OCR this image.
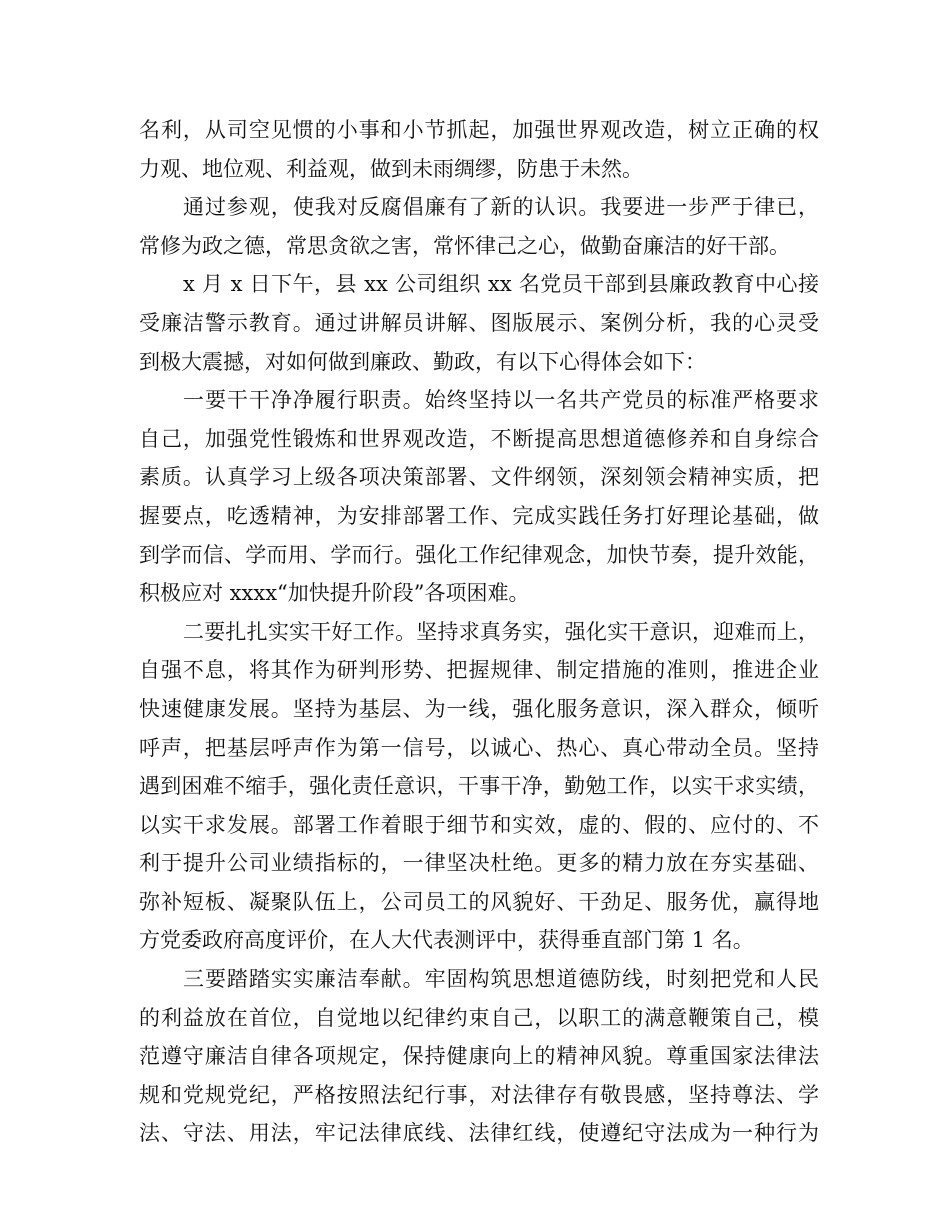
名利，从司空见惯的小事和小节抓起，加强世界观改造，树立正确的权
力观、地位观、利益观，做到未雨绸缪，防患于未然。
通过参观，使我对反腐倡廉有了新的认识。我要进一步严于律已，
常修为政之德，常思贪欲之害，常怀律己之心，做勤奋廉洁的好干部。
x 月 x 日下午，县 xx 公司组织 xx 名党员干部到县廉政教育中心接
受廉洁警示教育。通过讲解员讲解、图版展示、案例分析，我的心灵受
到极大震撼，对如何做到廉政、勤政，有以下心得体会如下：
一要干干净净履行职责。始终坚持以一名共产党员的标准严格要求
自己，加强党性锻炼和世界观改造，不断提高思想道德修养和自身综合
素质。认真学习上级各项决策部署、文件纲领，深刻领会精神实质，把
握要点，吃透精神，为安排部署工作、完成实践任务打好理论基础，做
到学而信、学而用、学而行。强化工作纪律观念，加快节奏，提升效能，
积极应对 xxxx“加快提升阶段”各项困难。
二要扎扎实实干好工作。坚持求真务实，强化实干意识，迎难而上，
自强不息，将其作为研判形势、把握规律、制定措施的准则，推进企业
快速健康发展。坚持为基层、为一线，强化服务意识，深入群众，倾听
呼声，把基层呼声作为第一信号，以诚心、热心、真心带动全员。坚持
遇到困难不缩手，强化责任意识，干事干净，勤勉工作，以实干求实绩，
以实干求发展。部署工作着眼于细节和实效，虚的、假的、应付的、不
利于提升公司业绩指标的，一律坚决杜绝。更多的精力放在夯实基础、
弥补短板、凝聚队伍上，公司员工的风貌好、干劲足、服务优，赢得地
方党委政府高度评价，在人大代表测评中，获得垂直部门第 1 名。
三要踏踏实实廉洁奉献。牢固构筑思想道德防线，时刻把党和人民
的利益放在首位，自觉地以纪律约束自己，以职工的满意鞭策自己，模
范遵守廉洁自律各项规定，保持健康向上的精神风貌。尊重国家法律法
规和党规党纪，严格按照法纪行事，对法律存有敬畏感，坚持尊法、学
法、守法、用法，牢记法律底线、法律红线，使遵纪守法成为一种行为
